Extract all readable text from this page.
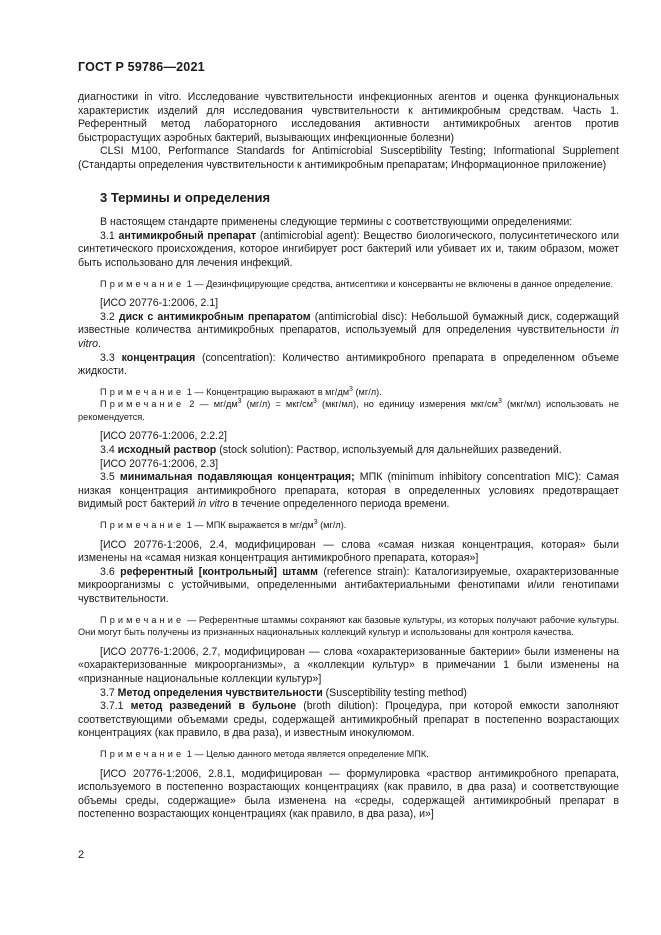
ГОСТ Р 59786—2021

диагностики in vitro. Исследование чувствительности инфекционных агентов и оценка функциональных характеристик изделий для исследования чувствительности к антимикробным средствам. Часть 1. Референтный метод лабораторного исследования активности антимикробных агентов против быстрорастущих аэробных бактерий, вызывающих инфекционные болезни)

CLSI M100, Performance Standards for Antimicrobial Susceptibility Testing; Informational Supplement (Стандарты определения чувствительности к антимикробным препаратам; Информационное приложение)

3 Термины и определения

В настоящем стандарте применены следующие термины с соответствующими определениями:

3.1 антимикробный препарат (antimicrobial agent): Вещество биологического, полусинтетического или синтетического происхождения, которое ингибирует рост бактерий или убивает их и, таким образом, может быть использовано для лечения инфекций.

Примечание 1 — Дезинфицирующие средства, антисептики и консерванты не включены в данное определение.

[ИСО 20776-1:2006, 2.1]

3.2 диск с антимикробным препаратом (antimicrobial disc): Небольшой бумажный диск, содержащий известные количества антимикробных препаратов, используемый для определения чувствительности in vitro.

3.3 концентрация (concentration): Количество антимикробного препарата в определенном объеме жидкости.

Примечание 1 — Концентрацию выражают в $мг/дм^3$ (мг/л).

Примечание 2 — $мг/дм^3$ (мг/л) = мкг/$см^3$ (мкг/мл), но единицу измерения мкг/$см^3$ (мкг/мл) использовать не рекомендуется.

[ИСО 20776-1:2006, 2.2.2]

3.4 исходный раствор (stock solution): Раствор, используемый для дальнейших разведений.

[ИСО 20776-1:2006, 2.3]

3.5 минимальная подавляющая концентрация; МПК (minimum inhibitory concentration MIC): Самая низкая концентрация антимикробного препарата, которая в определенных условиях предотвращает видимый рост бактерий in vitro в течение определенного периода времени.

Примечание 1 — МПК выражается в $мг/дм^3$ (мг/л).

[ИСО 20776-1:2006, 2.4, модифицирован — слова «самая низкая концентрация, которая» были изменены на «самая низкая концентрация антимикробного препарата, которая»]

3.6 референтный [контрольный] штамм (reference strain): Каталогизируемые, охарактеризованные микроорганизмы с устойчивыми, определенными антибактериальными фенотипами и/или генотипами чувствительности.

Примечание — Референтные штаммы сохраняют как базовые культуры, из которых получают рабочие культуры. Они могут быть получены из признанных национальных коллекций культур и использованы для контроля качества.

[ИСО 20776-1:2006, 2.7, модифицирован — слова «охарактеризованные бактерии» были изменены на «охарактеризованные микроорганизмы», а «коллекции культур» в примечании 1 были изменены на «признанные национальные коллекции культур»]

3.7 Метод определения чувствительности (Susceptibility testing method)

3.7.1 метод разведений в бульоне (broth dilution): Процедура, при которой емкости заполняют соответствующими объемами среды, содержащей антимикробный препарат в постепенно возрастающих концентрациях (как правило, в два раза), и известным инокулюмом.

Примечание 1 — Целью данного метода является определение МПК.

[ИСО 20776-1:2006, 2.8.1, модифицирован — формулировка «раствор антимикробного препарата, используемого в постепенно возрастающих концентрациях (как правило, в два раза) и соответствующие объемы среды, содержащие» была изменена на «среды, содержащей антимикробный препарат в постепенно возрастающих концентрациях (как правило, в два раза), и»]

2
